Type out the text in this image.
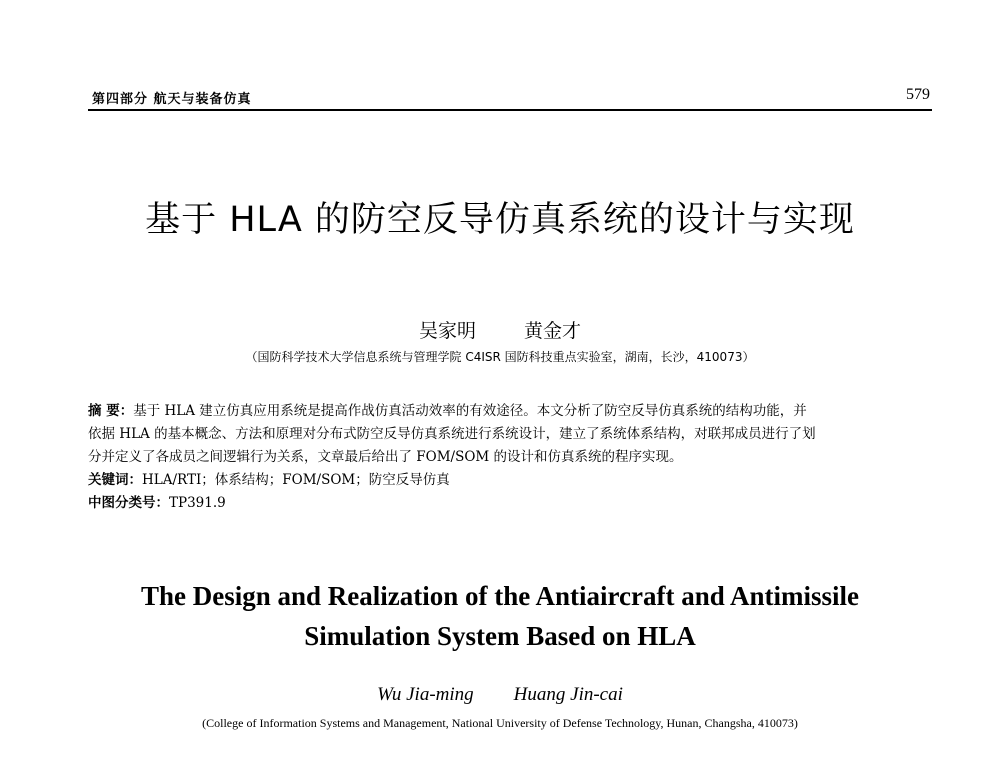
第四部分 航天与装备仿真	579
基于 HLA 的防空反导仿真系统的设计与实现
吴家明	黄金才
（国防科学技术大学信息系统与管理学院 C4ISR 国防科技重点实验室，湖南，长沙，410073）
摘 要：基于 HLA 建立仿真应用系统是提高作战仿真活动效率的有效途径。本文分析了防空反导仿真系统的结构功能，并
依据 HLA 的基本概念、方法和原理对分布式防空反导仿真系统进行系统设计，建立了系统体系结构，对联邦成员进行了划
分并定义了各成员之间逻辑行为关系，文章最后给出了 FOM/SOM 的设计和仿真系统的程序实现。
关键词：HLA/RTI；体系结构；FOM/SOM；防空反导仿真
中图分类号：TP391.9
The Design and Realization of the Antiaircraft and Antimissile
Simulation System Based on HLA
Wu Jia-ming Huang Jin-cai
(College of Information Systems and Management, National University of Defense Technology, Hunan, Changsha, 410073)
